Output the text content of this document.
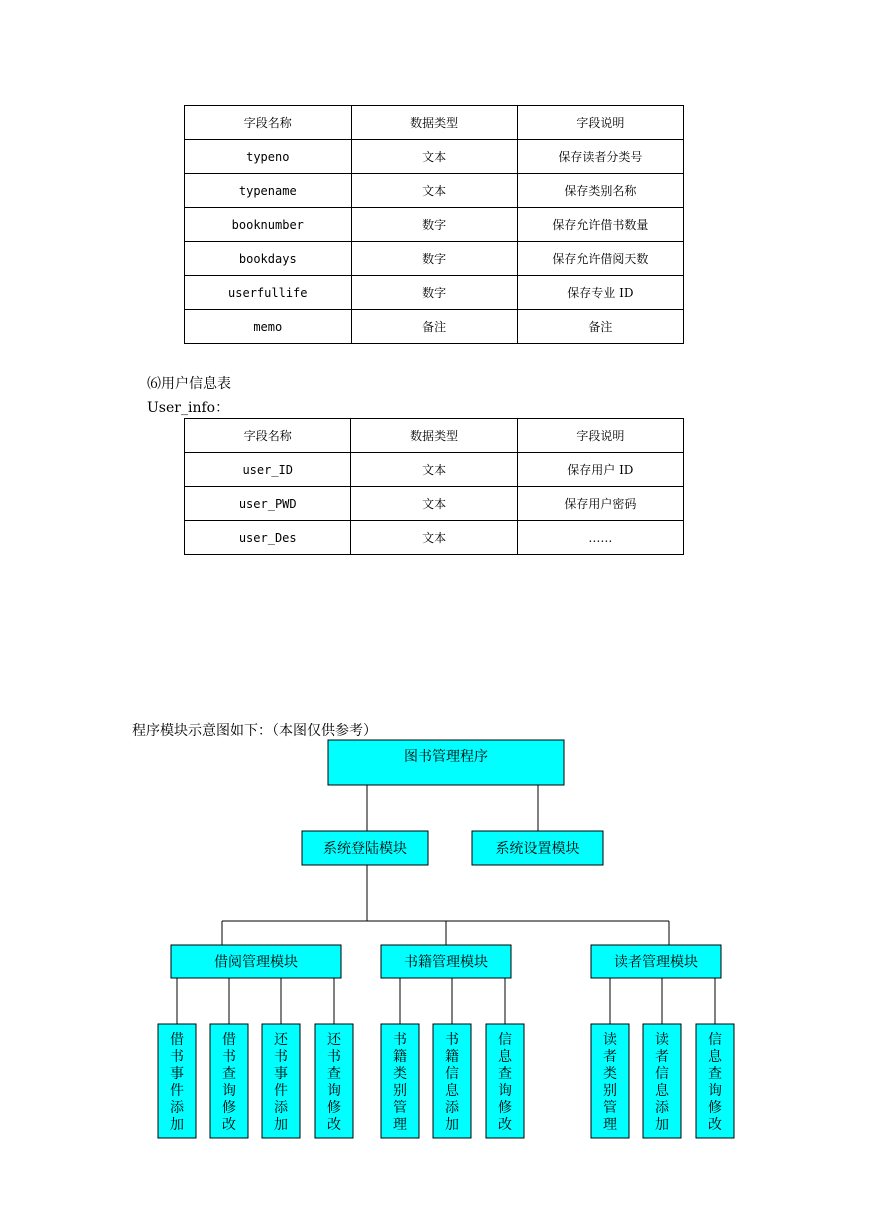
字段名称	数据类型	字段说明
typeno	文本	保存读者分类号
typename	文本	保存类别名称
booknumber	数字	保存允许借书数量
bookdays	数字	保存允许借阅天数
userfullife	数字	保存专业 ID
memo	备注	备注
⑹用户信息表
User_info：
字段名称	数据类型	字段说明
user_ID	文本	保存用户 ID
user_PWD	文本	保存用户密码
user_Des	文本	……
程序模块示意图如下：（本图仅供参考）
图书管理程序
系统登陆模块	系统设置模块
借阅管理模块	书籍管理模块	读者管理模块
借书事件添加
借书查询修改
还书事件添加
还书查询修改
书籍类别管理
书籍信息添加
信息查询修改
读者类别管理
读者信息添加
信息查询修改
